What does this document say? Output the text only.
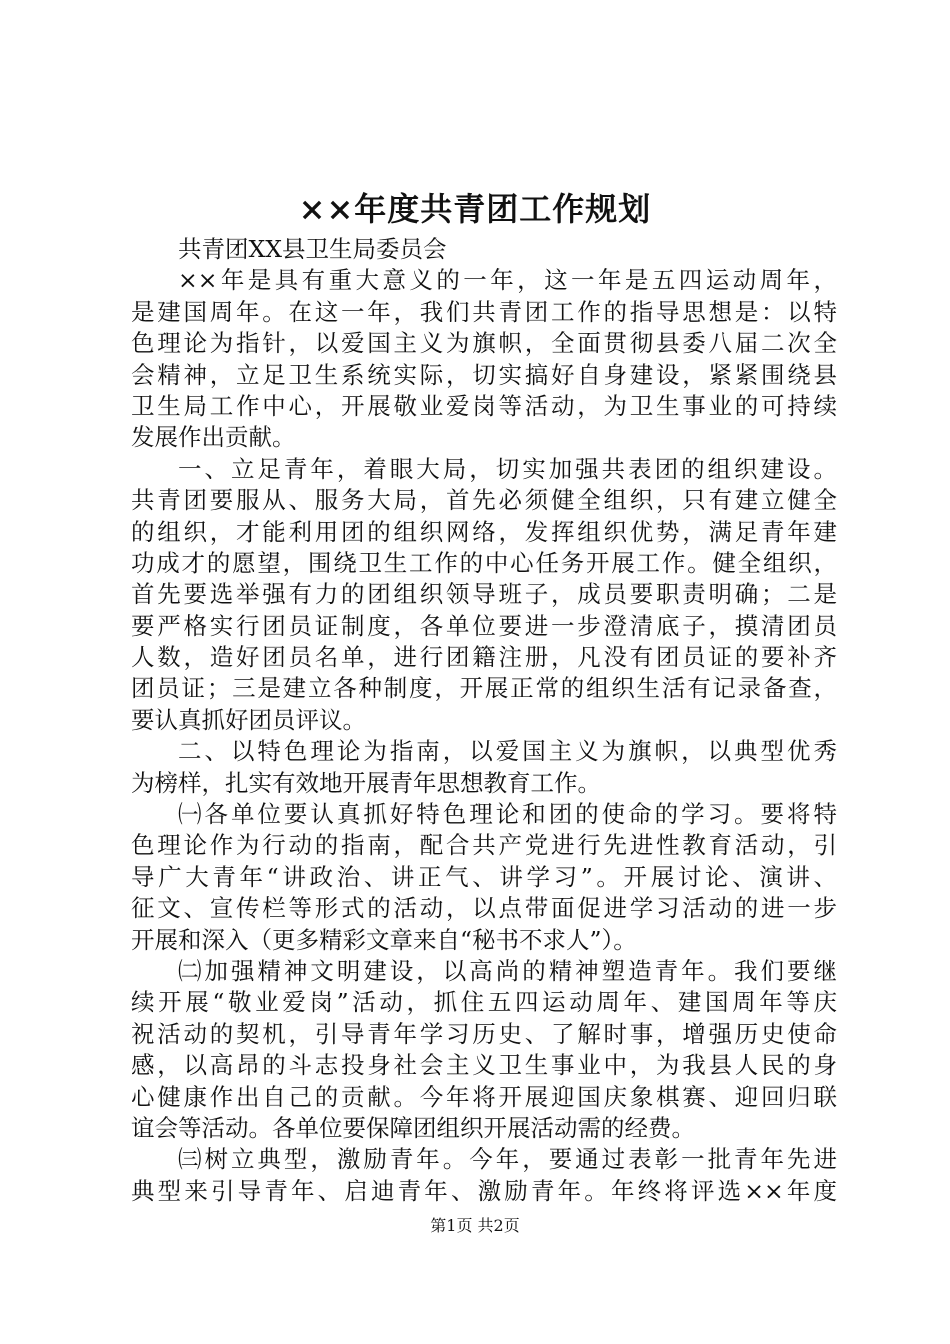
××年度共青团工作规划
共青团XX县卫生局委员会
××年是具有重大意义的一年，这一年是五四运动周年，
是建国周年。在这一年，我们共青团工作的指导思想是：以特
色理论为指针，以爱国主义为旗帜，全面贯彻县委八届二次全
会精神，立足卫生系统实际，切实搞好自身建设，紧紧围绕县
卫生局工作中心，开展敬业爱岗等活动，为卫生事业的可持续
发展作出贡献。
一、立足青年，着眼大局，切实加强共表团的组织建设。
共青团要服从、服务大局，首先必须健全组织，只有建立健全
的组织，才能利用团的组织网络，发挥组织优势，满足青年建
功成才的愿望，围绕卫生工作的中心任务开展工作。健全组织，
首先要选举强有力的团组织领导班子，成员要职责明确；二是
要严格实行团员证制度，各单位要进一步澄清底子，摸清团员
人数，造好团员名单，进行团籍注册，凡没有团员证的要补齐
团员证；三是建立各种制度，开展正常的组织生活有记录备查，
要认真抓好团员评议。
二、以特色理论为指南，以爱国主义为旗帜，以典型优秀
为榜样，扎实有效地开展青年思想教育工作。
㈠各单位要认真抓好特色理论和团的使命的学习。要将特
色理论作为行动的指南，配合共产党进行先进性教育活动，引
导广大青年“讲政治、讲正气、讲学习”。开展讨论、演讲、
征文、宣传栏等形式的活动，以点带面促进学习活动的进一步
开展和深入（更多精彩文章来自“秘书不求人”）。
㈡加强精神文明建设，以高尚的精神塑造青年。我们要继
续开展“敬业爱岗”活动，抓住五四运动周年、建国周年等庆
祝活动的契机，引导青年学习历史、了解时事，增强历史使命
感，以高昂的斗志投身社会主义卫生事业中，为我县人民的身
心健康作出自己的贡献。今年将开展迎国庆象棋赛、迎回归联
谊会等活动。各单位要保障团组织开展活动需的经费。
㈢树立典型，激励青年。今年，要通过表彰一批青年先进
典型来引导青年、启迪青年、激励青年。年终将评选××年度
第1页 共2页
